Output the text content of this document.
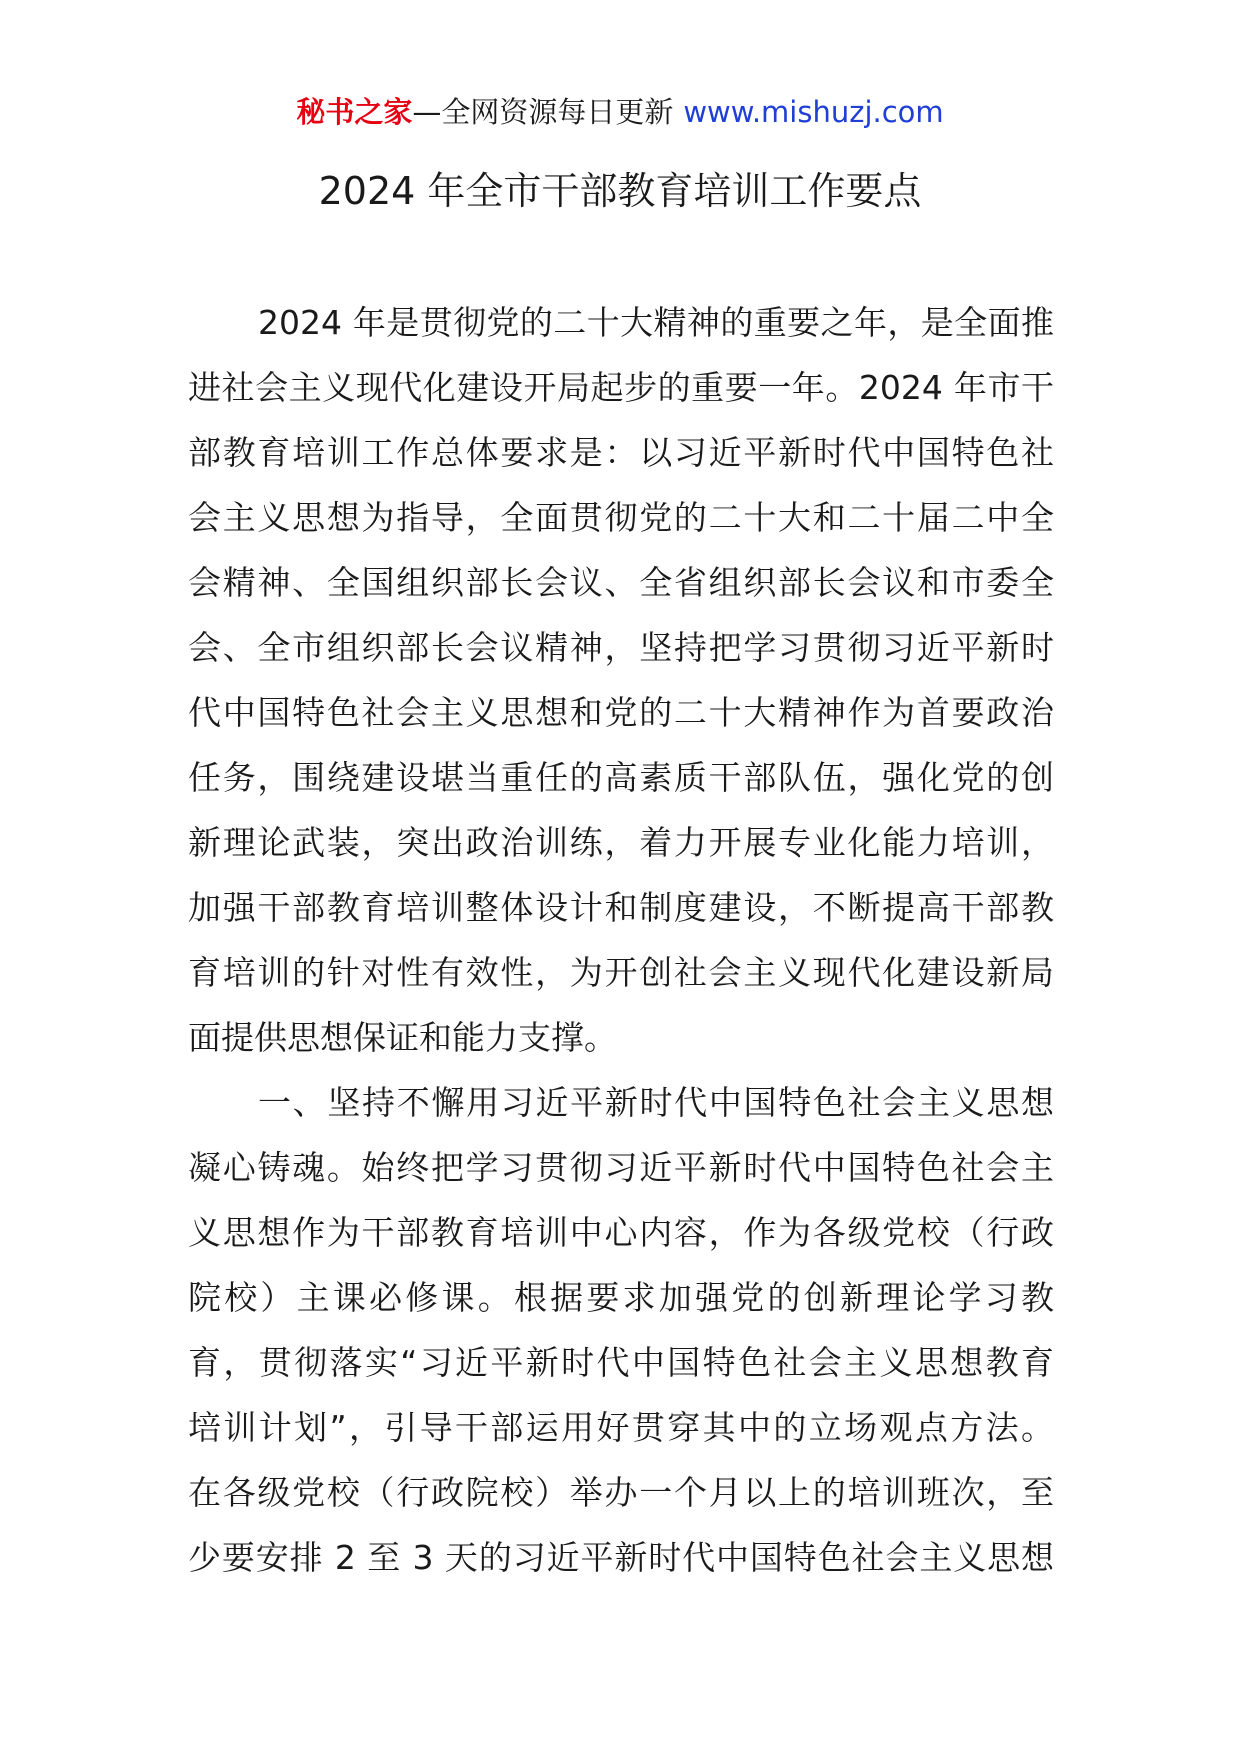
秘书之家—全网资源每日更新 www.mishuzj.com
2024 年全市干部教育培训工作要点
2024 年是贯彻党的二十大精神的重要之年，是全面推
进社会主义现代化建设开局起步的重要一年。2024 年市干
部教育培训工作总体要求是：以习近平新时代中国特色社
会主义思想为指导，全面贯彻党的二十大和二十届二中全
会精神、全国组织部长会议、全省组织部长会议和市委全
会、全市组织部长会议精神，坚持把学习贯彻习近平新时
代中国特色社会主义思想和党的二十大精神作为首要政治
任务，围绕建设堪当重任的高素质干部队伍，强化党的创
新理论武装，突出政治训练，着力开展专业化能力培训，
加强干部教育培训整体设计和制度建设，不断提高干部教
育培训的针对性有效性，为开创社会主义现代化建设新局
面提供思想保证和能力支撑。
一、坚持不懈用习近平新时代中国特色社会主义思想
凝心铸魂。始终把学习贯彻习近平新时代中国特色社会主
义思想作为干部教育培训中心内容，作为各级党校（行政
院校）主课必修课。根据要求加强党的创新理论学习教
育，贯彻落实“习近平新时代中国特色社会主义思想教育
培训计划”，引导干部运用好贯穿其中的立场观点方法。
在各级党校（行政院校）举办一个月以上的培训班次，至
少要安排 2 至 3 天的习近平新时代中国特色社会主义思想
